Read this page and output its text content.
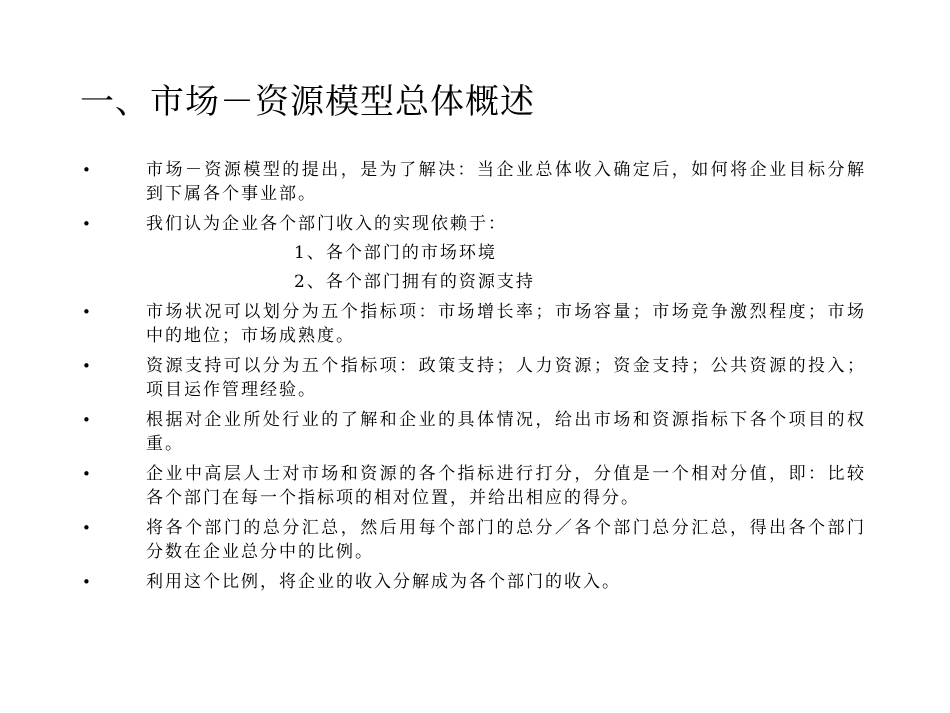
一、市场－资源模型总体概述
•	市场－资源模型的提出，是为了解决：当企业总体收入确定后，如何将企业目标分解到下属各个事业部。
•	我们认为企业各个部门收入的实现依赖于：
1、各个部门的市场环境
2、各个部门拥有的资源支持
•	市场状况可以划分为五个指标项：市场增长率；市场容量；市场竞争激烈程度；市场中的地位；市场成熟度。
•	资源支持可以分为五个指标项：政策支持；人力资源；资金支持；公共资源的投入；项目运作管理经验。
•	根据对企业所处行业的了解和企业的具体情况，给出市场和资源指标下各个项目的权重。
•	企业中高层人士对市场和资源的各个指标进行打分，分值是一个相对分值，即：比较各个部门在每一个指标项的相对位置，并给出相应的得分。
•	将各个部门的总分汇总，然后用每个部门的总分／各个部门总分汇总，得出各个部门分数在企业总分中的比例。
•	利用这个比例，将企业的收入分解成为各个部门的收入。
